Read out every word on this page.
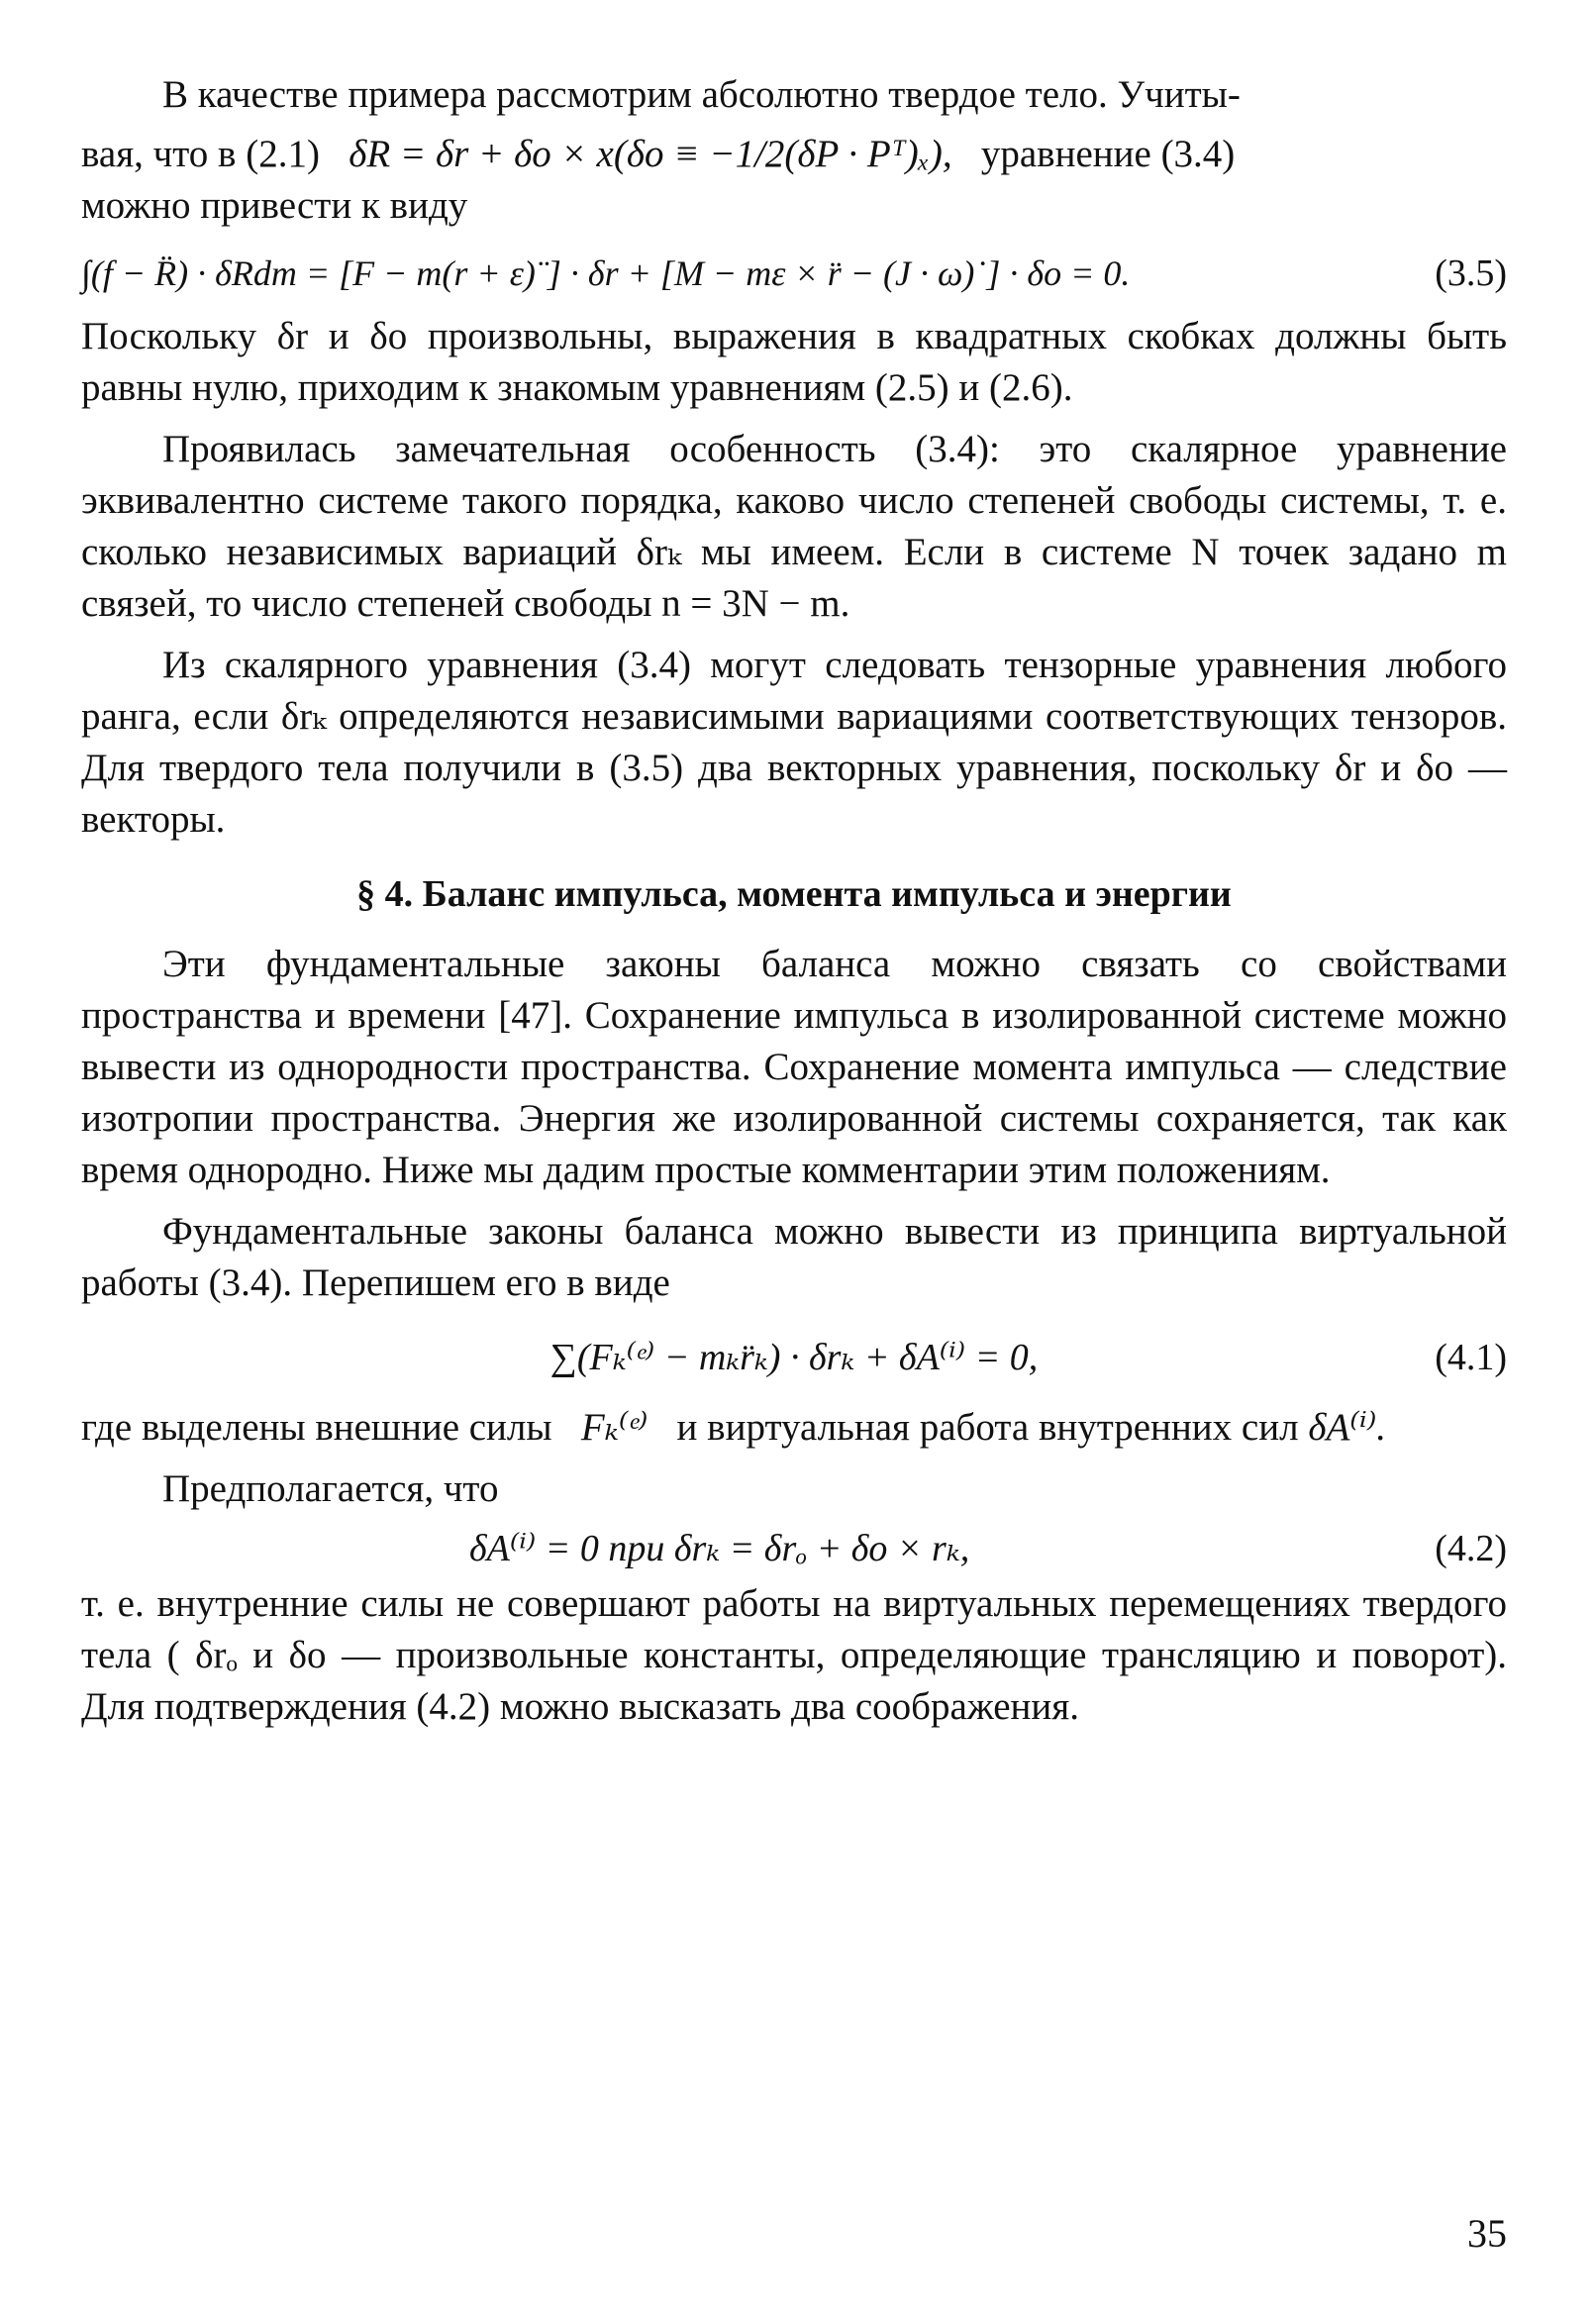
В качестве примера рассмотрим абсолютно твердое тело. Учиты-

вая, что в (2.1) δR = δr + δo × x(δo ≡ −1/2(δP · Pᵀ)ₓ), уравнение (3.4)

можно привести к виду

∫(f − R̈) · δRdm = [F − m(r + ε)¨] · δr + [M − mε × r̈ − (J · ω)˙] · δo = 0.	(3.5)

Поскольку δr и δo произвольны, выражения в квадратных скобках должны быть равны нулю, приходим к знакомым уравнениям (2.5) и (2.6).

Проявилась замечательная особенность (3.4): это скалярное уравнение эквивалентно системе такого порядка, каково число степеней свободы системы, т. е. сколько независимых вариаций δrₖ мы имеем. Если в системе N точек задано m связей, то число степеней свободы n = 3N − m.

Из скалярного уравнения (3.4) могут следовать тензорные уравнения любого ранга, если δrₖ определяются независимыми вариациями соответствующих тензоров. Для твердого тела получили в (3.5) два векторных уравнения, поскольку δr и δo — векторы.

§ 4. Баланс импульса, момента импульса и энергии

Эти фундаментальные законы баланса можно связать со свойствами пространства и времени [47]. Сохранение импульса в изолированной системе можно вывести из однородности пространства. Сохранение момента импульса — следствие изотропии пространства. Энергия же изолированной системы сохраняется, так как время однородно. Ниже мы дадим простые комментарии этим положениям.

Фундаментальные законы баланса можно вывести из принципа виртуальной работы (3.4). Перепишем его в виде

∑(Fₖ⁽ᵉ⁾ − mₖr̈ₖ) · δrₖ + δA⁽ⁱ⁾ = 0,	(4.1)

где выделены внешние силы Fₖ⁽ᵉ⁾ и виртуальная работа внутренних сил δA⁽ⁱ⁾.

Предполагается, что

δA⁽ⁱ⁾ = 0 при δrₖ = δrₒ + δo × rₖ,	(4.2)

т. е. внутренние силы не совершают работы на виртуальных перемещениях твердого тела ( δrₒ и δo — произвольные константы, определяющие трансляцию и поворот). Для подтверждения (4.2) можно высказать два соображения.

35
